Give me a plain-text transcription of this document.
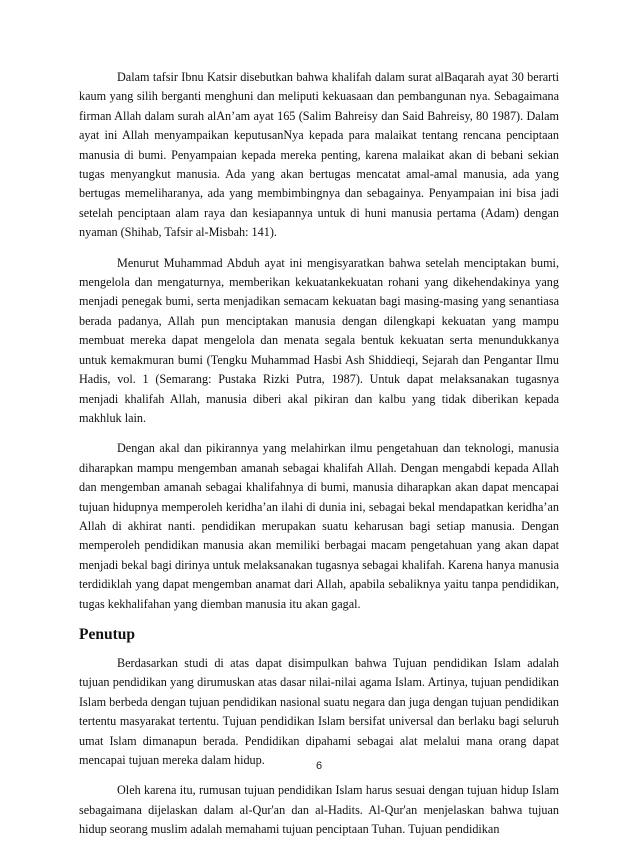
Dalam tafsir Ibnu Katsir disebutkan bahwa khalifah dalam surat alBaqarah ayat 30 berarti kaum yang silih berganti menghuni dan meliputi kekuasaan dan pembangunan nya. Sebagaimana firman Allah dalam surah alAn’am ayat 165 (Salim Bahreisy dan Said Bahreisy, 80 1987). Dalam ayat ini Allah menyampaikan keputusanNya kepada para malaikat tentang rencana penciptaan manusia di bumi. Penyampaian kepada mereka penting, karena malaikat akan di bebani sekian tugas menyangkut manusia. Ada yang akan bertugas mencatat amal-amal manusia, ada yang bertugas memeliharanya, ada yang membimbingnya dan sebagainya. Penyampaian ini bisa jadi setelah penciptaan alam raya dan kesiapannya untuk di huni manusia pertama (Adam) dengan nyaman (Shihab, Tafsir al-Misbah: 141).

Menurut Muhammad Abduh ayat ini mengisyaratkan bahwa setelah menciptakan bumi, mengelola dan mengaturnya, memberikan kekuatankekuatan rohani yang dikehendakinya yang menjadi penegak bumi, serta menjadikan semacam kekuatan bagi masing-masing yang senantiasa berada padanya, Allah pun menciptakan manusia dengan dilengkapi kekuatan yang mampu membuat mereka dapat mengelola dan menata segala bentuk kekuatan serta menundukkanya untuk kemakmuran bumi (Tengku Muhammad Hasbi Ash Shiddieqi, Sejarah dan Pengantar Ilmu Hadis, vol. 1 (Semarang: Pustaka Rizki Putra, 1987). Untuk dapat melaksanakan tugasnya menjadi khalifah Allah, manusia diberi akal pikiran dan kalbu yang tidak diberikan kepada makhluk lain.

Dengan akal dan pikirannya yang melahirkan ilmu pengetahuan dan teknologi, manusia diharapkan mampu mengemban amanah sebagai khalifah Allah. Dengan mengabdi kepada Allah dan mengemban amanah sebagai khalifahnya di bumi, manusia diharapkan akan dapat mencapai tujuan hidupnya memperoleh keridha’an ilahi di dunia ini, sebagai bekal mendapatkan keridha’an Allah di akhirat nanti. pendidikan merupakan suatu keharusan bagi setiap manusia. Dengan memperoleh pendidikan manusia akan memiliki berbagai macam pengetahuan yang akan dapat menjadi bekal bagi dirinya untuk melaksanakan tugasnya sebagai khalifah. Karena hanya manusia terdidiklah yang dapat mengemban anamat dari Allah, apabila sebaliknya yaitu tanpa pendidikan, tugas kekhalifahan yang diemban manusia itu akan gagal.

Penutup

Berdasarkan studi di atas dapat disimpulkan bahwa Tujuan pendidikan Islam adalah tujuan pendidikan yang dirumuskan atas dasar nilai-nilai agama Islam. Artinya, tujuan pendidikan Islam berbeda dengan tujuan pendidikan nasional suatu negara dan juga dengan tujuan pendidikan tertentu masyarakat tertentu. Tujuan pendidikan Islam bersifat universal dan berlaku bagi seluruh umat Islam dimanapun berada. Pendidikan dipahami sebagai alat melalui mana orang dapat mencapai tujuan mereka dalam hidup.

Oleh karena itu, rumusan tujuan pendidikan Islam harus sesuai dengan tujuan hidup Islam sebagaimana dijelaskan dalam al-Qur'an dan al-Hadits. Al-Qur'an menjelaskan bahwa tujuan hidup seorang muslim adalah memahami tujuan penciptaan Tuhan. Tujuan pendidikan

6
